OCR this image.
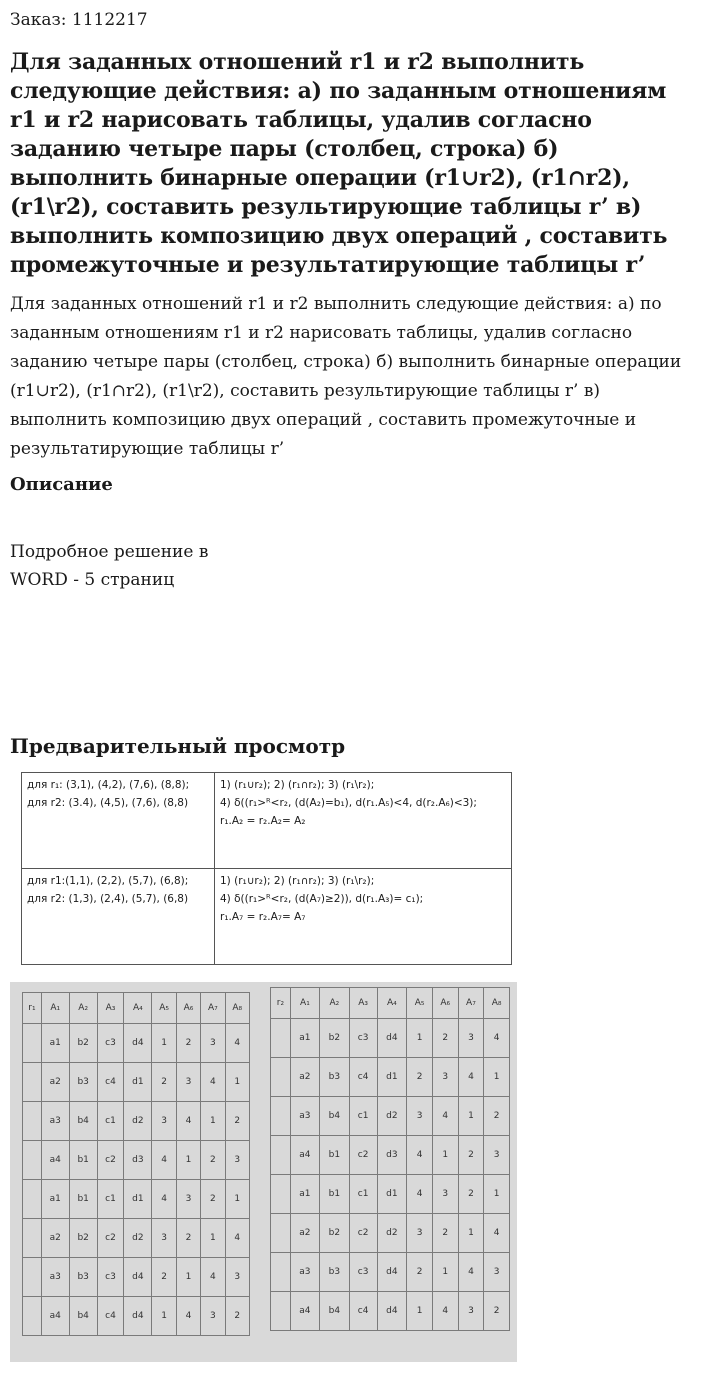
Заказ: 1112217
Для заданных отношений r1 и r2 выполнить следующие действия: а) по заданным отношениям r1 и r2 нарисовать таблицы, удалив согласно заданию четыре пары (столбец, строка) б) выполнить бинарные операции (r1∪r2), (r1∩r2), (r1\r2), составить результирующие таблицы r’ в) выполнить композицию двух операций , составить промежуточные и результатирующие таблицы r’

Для заданных отношений r1 и r2 выполнить следующие действия: а) по заданным отношениям r1 и r2 нарисовать таблицы, удалив согласно заданию четыре пары (столбец, строка) б) выполнить бинарные операции (r1∪r2), (r1∩r2), (r1\r2), составить результирующие таблицы r’ в) выполнить композицию двух операций , составить промежуточные и результатирующие таблицы r’

Описание
Подробное решение в
WORD - 5 страниц
Предварительный просмотр
для r₁: (3,1), (4,2), (7,6), (8,8);
для r2: (3.4), (4,5), (7,6), (8,8)	1) (r₁∪r₂); 2) (r₁∩r₂); 3) (r₁\r₂);
4) δ((r₁>ᴿ<r₂, (d(A₂)=b₁), d(r₁.A₅)<4, d(r₂.A₆)<3);
r₁.A₂ = r₂.A₂= A₂

для r1:(1,1), (2,2), (5,7), (6,8);
для r2: (1,3), (2,4), (5,7), (6,8)	1) (r₁∪r₂); 2) (r₁∩r₂); 3) (r₁\r₂);
4) δ((r₁>ᴿ<r₂, (d(A₇)≥2)), d(r₁.A₃)= c₁);
r₁.A₇ = r₂.A₇= A₇
r₁	A₁	A₂	A₃	A₄	A₅	A₆	A₇	A₈
	a1	b2	c3	d4	1	2	3	4
	a2	b3	c4	d1	2	3	4	1
	a3	b4	c1	d2	3	4	1	2
	a4	b1	c2	d3	4	1	2	3
	a1	b1	c1	d1	4	3	2	1
	a2	b2	c2	d2	3	2	1	4
	a3	b3	c3	d4	2	1	4	3
	a4	b4	c4	d4	1	4	3	2
r₂	A₁	A₂	A₃	A₄	A₅	A₆	A₇	A₈
	a1	b2	c3	d4	1	2	3	4
	a2	b3	c4	d1	2	3	4	1
	a3	b4	c1	d2	3	4	1	2
	a4	b1	c2	d3	4	1	2	3
	a1	b1	c1	d1	4	3	2	1
	a2	b2	c2	d2	3	2	1	4
	a3	b3	c3	d4	2	1	4	3
	a4	b4	c4	d4	1	4	3	2
